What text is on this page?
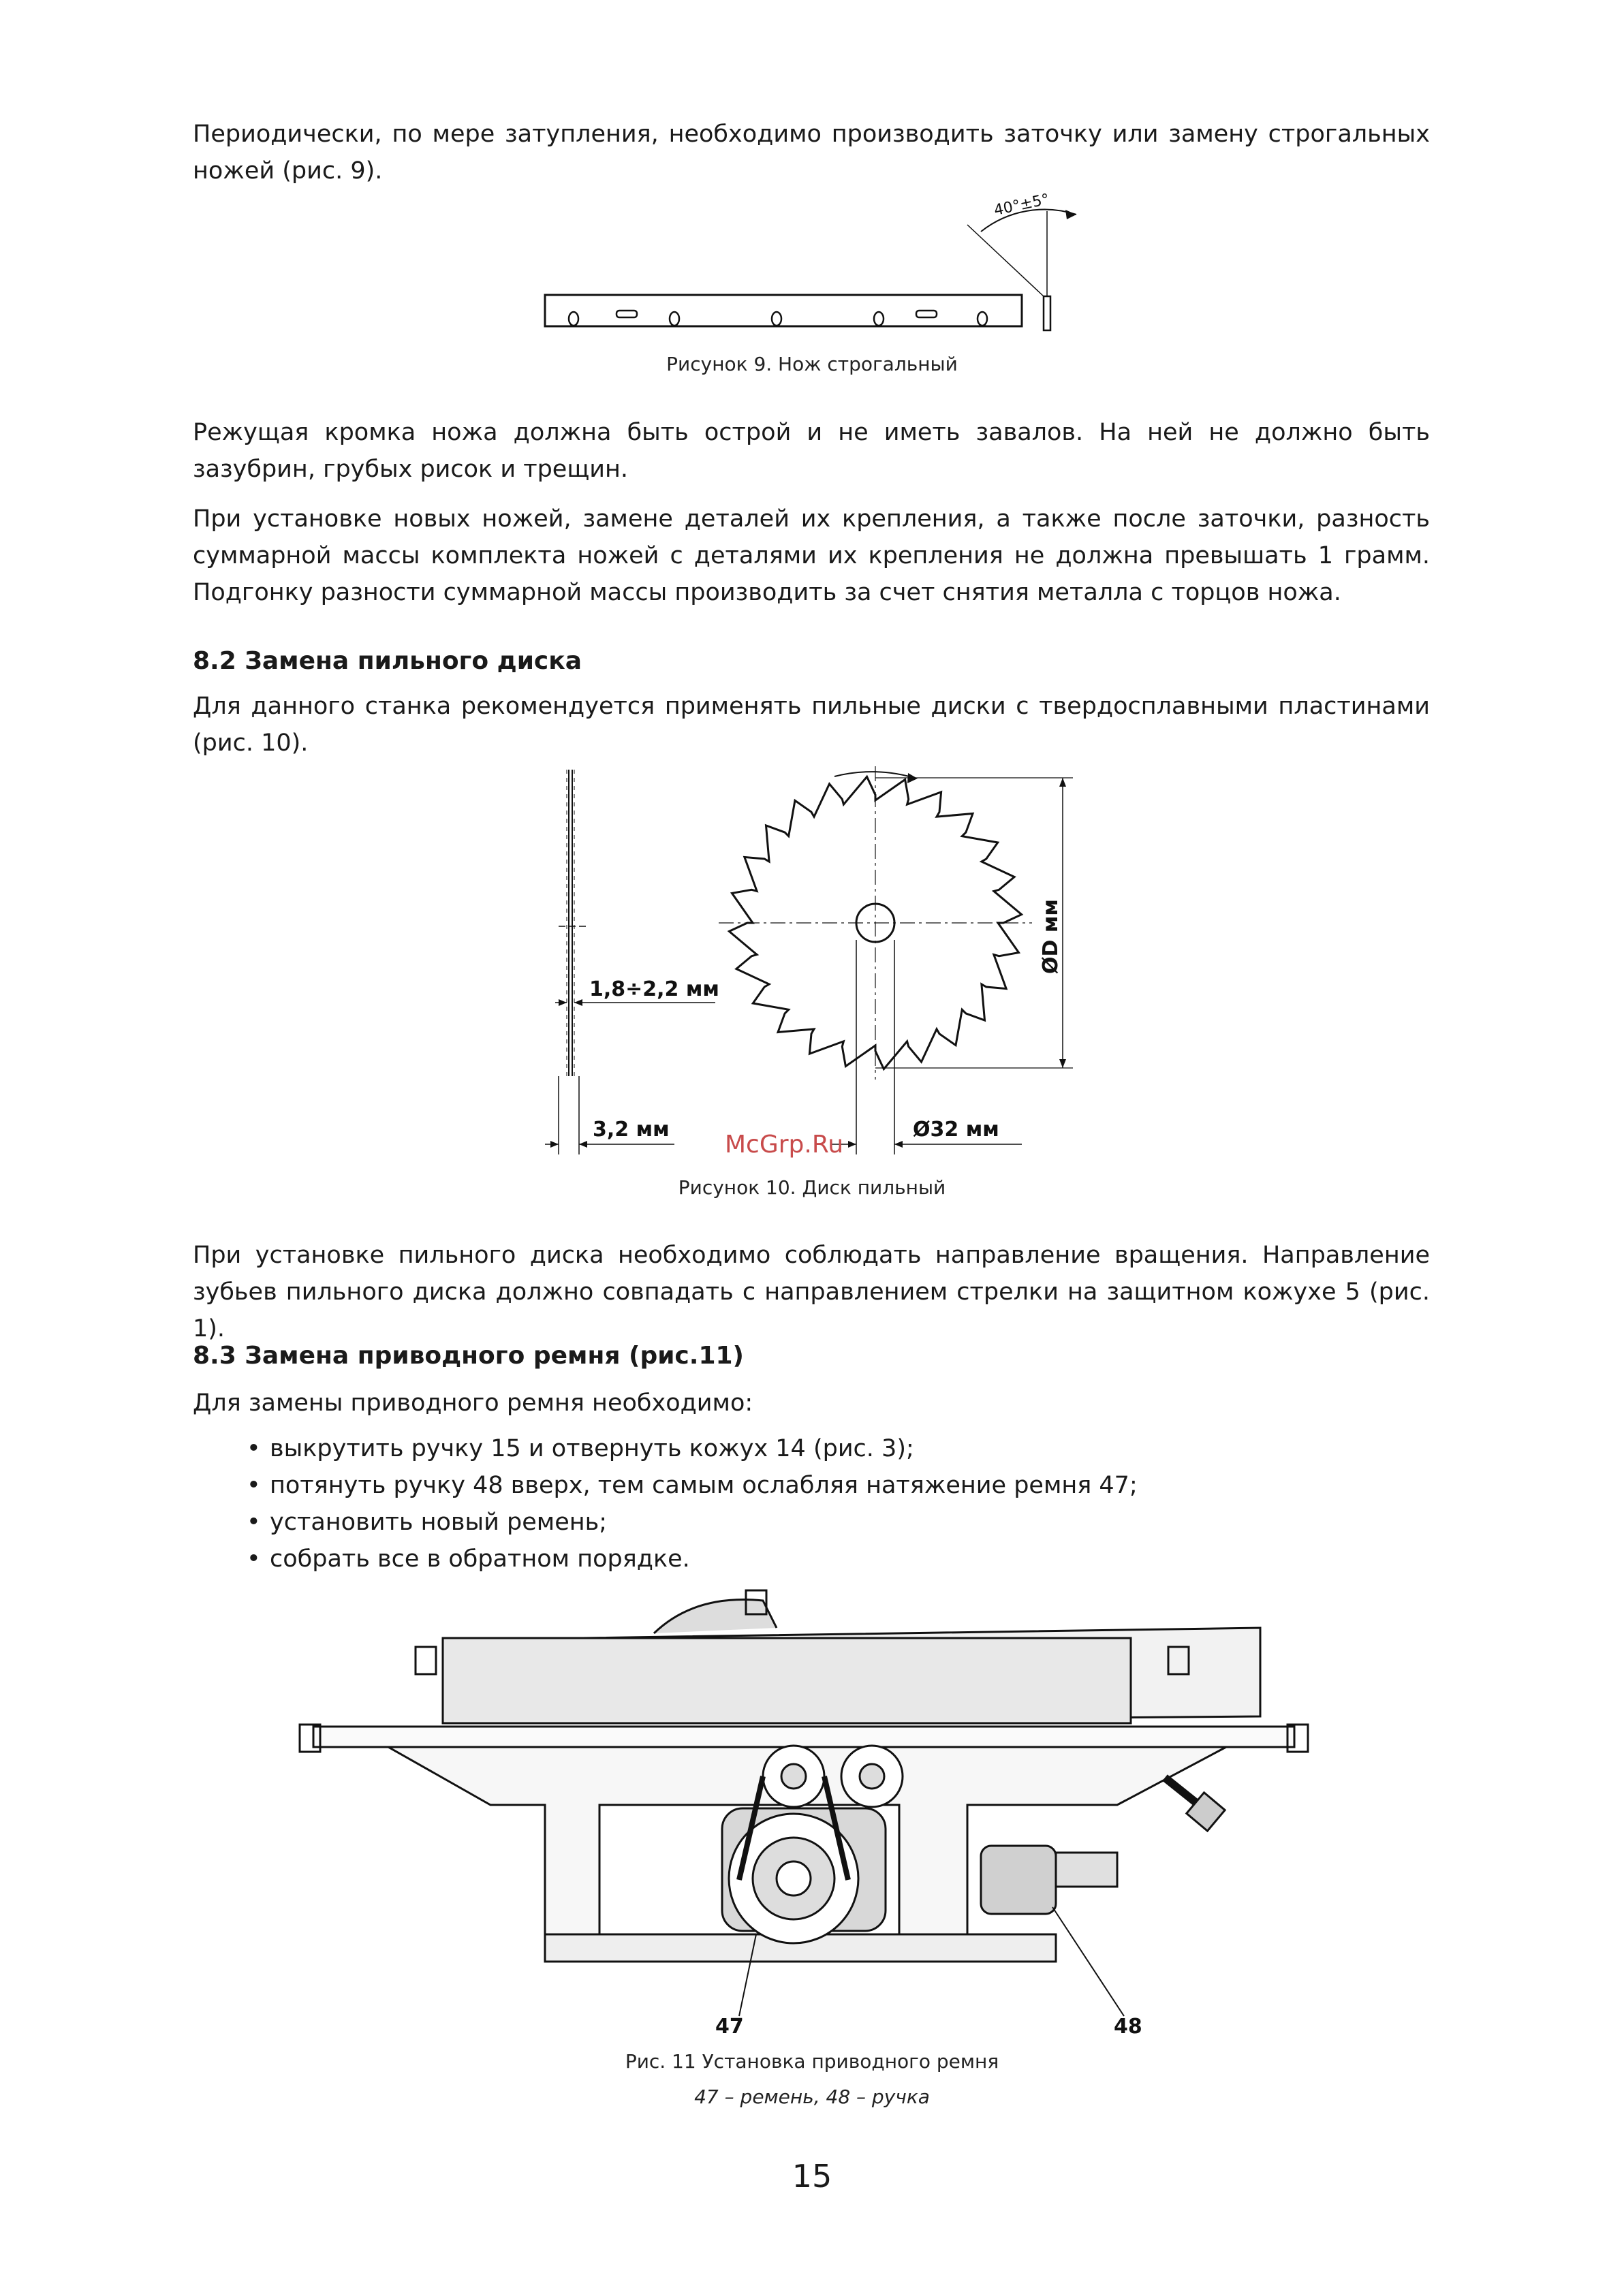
Периодически, по мере затупления, необходимо производить заточку или замену строгальных ножей (рис. 9).

40°±5°

Рисунок 9. Нож строгальный

Режущая кромка ножа должна быть острой и не иметь завалов. На ней не должно быть зазубрин, грубых рисок и трещин.

При установке новых ножей, замене деталей их крепления, а также после заточки, разность суммарной массы комплекта ножей с деталями их крепления не должна превышать 1 грамм. Подгонку разности суммарной массы производить за счет снятия металла с торцов ножа.

8.2 Замена пильного диска

Для данного станка рекомендуется применять пильные диски с твердосплавными пластинами (рис. 10).

1,8÷2,2 мм
3,2 мм	Ø32 мм
ØD мм
McGrp.Ru

Рисунок 10. Диск пильный

При установке пильного диска необходимо соблюдать направление вращения. Направление зубьев пильного диска должно совпадать с направлением стрелки на защитном кожухе 5 (рис. 1).

8.3 Замена приводного ремня (рис.11)

Для замены приводного ремня необходимо:

• выкрутить ручку 15 и отвернуть кожух 14 (рис. 3);
• потянуть ручку 48 вверх, тем самым ослабляя натяжение ремня 47;
• установить новый ремень;
• собрать все в обратном порядке.
47	48

Рис. 11 Установка приводного ремня

47 – ремень, 48 – ручка

15
